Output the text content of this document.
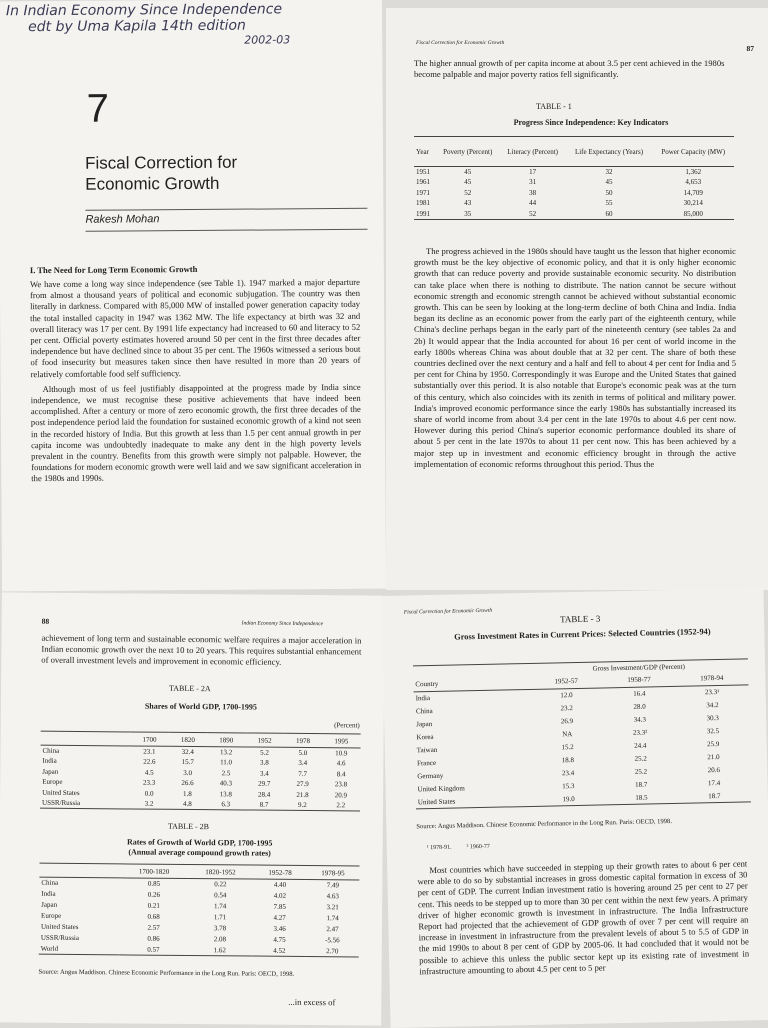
In Indian Economy Since Independence
edt by Uma Kapila 14th edition
2002-03
7
Fiscal Correction for Economic Growth
Rakesh Mohan
I. The Need for Long Term Economic Growth

We have come a long way since independence (see Table 1). 1947 marked a major departure from almost a thousand years of political and economic subjugation. The country was then literally in darkness. Compared with 85,000 MW of installed power generation capacity today the total installed capacity in 1947 was 1362 MW. The life expectancy at birth was 32 and overall literacy was 17 per cent. By 1991 life expectancy had increased to 60 and literacy to 52 per cent. Official poverty estimates hovered around 50 per cent in the first three decades after independence but have declined since to about 35 per cent. The 1960s witnessed a serious bout of food insecurity but measures taken since then have resulted in more than 20 years of relatively comfortable food self sufficiency.

Although most of us feel justifiably disappointed at the progress made by India since independence, we must recognise these positive achievements that have indeed been accomplished. After a century or more of zero economic growth, the first three decades of the post independence period laid the foundation for sustained economic growth of a kind not seen in the recorded history of India. But this growth at less than 1.5 per cent annual growth in per capita income was undoubtedly inadequate to make any dent in the high poverty levels prevalent in the country. Benefits from this growth were simply not palpable. However, the foundations for modern economic growth were well laid and we saw significant acceleration in the 1980s and 1990s.

Fiscal Correction for Economic Growth
87
The higher annual growth of per capita income at about 3.5 per cent achieved in the 1980s become palpable and major poverty ratios fell significantly.
TABLE - 1
Progress Since Independence: Key Indicators
Year	Poverty (Percent)	Literacy (Percent)	Life Expectancy (Years)	Power Capacity (MW)
1951	45	17	32	1,362
1961	45	31	45	4,653
1971	52	38	50	14,709
1981	43	44	55	30,214
1991	35	52	60	85,000

The progress achieved in the 1980s should have taught us the lesson that higher economic growth must be the key objective of economic policy, and that it is only higher economic growth that can reduce poverty and provide sustainable economic security. No distribution can take place when there is nothing to distribute. The nation cannot be secure without economic strength and economic strength cannot be achieved without substantial economic growth. This can be seen by looking at the long-term decline of both China and India. India began its decline as an economic power from the early part of the eighteenth century, while China's decline perhaps began in the early part of the nineteenth century (see tables 2a and 2b) It would appear that the India accounted for about 16 per cent of world income in the early 1800s whereas China was about double that at 32 per cent. The share of both these countries declined over the next century and a half and fell to about 4 per cent for India and 5 per cent for China by 1950. Correspondingly it was Europe and the United States that gained substantially over this period. It is also notable that Europe's economic peak was at the turn of this century, which also coincides with its zenith in terms of political and military power. India's improved economic performance since the early 1980s has substantially increased its share of world income from about 3.4 per cent in the late 1970s to about 4.6 per cent now. However during this period China's superior economic performance doubled its share of about 5 per cent in the late 1970s to about 11 per cent now. This has been achieved by a major step up in investment and economic efficiency brought in through the active implementation of economic reforms throughout this period. Thus the

88	Indian Economy Since Independence
achievement of long term and sustainable economic welfare requires a major acceleration in Indian economic growth over the next 10 to 20 years. This requires substantial enhancement of overall investment levels and improvement in economic efficiency.
TABLE - 2A
Shares of World GDP, 1700-1995
(Percent)
	1700	1820	1890	1952	1978	1995
China	23.1	32.4	13.2	5.2	5.0	10.9
India	22.6	15.7	11.0	3.8	3.4	4.6
Japan	4.5	3.0	2.5	3.4	7.7	8.4
Europe	23.3	26.6	40.3	29.7	27.9	23.8
United States	0.0	1.8	13.8	28.4	21.8	20.9
USSR/Russia	3.2	4.8	6.3	8.7	9.2	2.2
TABLE - 2B
Rates of Growth of World GDP, 1700-1995
(Annual average compound growth rates)
	1700-1820	1820-1952	1952-78	1978-95
China	0.85	0.22	4.40	7.49
India	0.26	0.54	4.02	4.63
Japan	0.21	1.74	7.85	3.21
Europe	0.68	1.71	4.27	1.74
United States	2.57	3.78	3.46	2.47
USSR/Russia	0.86	2.08	4.75	-5.56
World	0.57	1.62	4.52	2.70
Source: Angus Maddison. Chinese Economic Performance in the Long Run. Paris: OECD, 1998.
...in excess of
Fiscal Correction for Economic Growth
TABLE - 3
Gross Investment Rates in Current Prices: Selected Countries (1952-94)
	Gross Investment/GDP (Percent)		
Country	1952-57	1958-77	1978-94
India	12.0	16.4	23.3¹
China	23.2	28.0	34.2
Japan	26.9	34.3	30.3
Korea	NA	23.3²	32.5
Taiwan	15.2	24.4	25.9
France	18.8	25.2	21.0
Germany	23.4	25.2	20.6
United Kingdom	15.3	18.7	17.4
United States	19.0	18.5	18.7
Source: Angus Maddison. Chinese Economic Performance in the Long Run. Paris: OECD, 1998.
¹ 1978-91.          ² 1960-77

Most countries which have succeeded in stepping up their growth rates to about 6 per cent were able to do so by substantial increases in gross domestic capital formation in excess of 30 per cent of GDP. The current Indian investment ratio is hovering around 25 per cent to 27 per cent. This needs to be stepped up to more than 30 per cent within the next few years. A primary driver of higher economic growth is investment in infrastructure. The India Infrastructure Report had projected that the achievement of GDP growth of over 7 per cent will require an increase in investment in infrastructure from the prevalent levels of about 5 to 5.5 of GDP in the mid 1990s to about 8 per cent of GDP by 2005-06. It had concluded that it would not be possible to achieve this unless the public sector kept up its existing rate of investment in infrastructure amounting to about 4.5 per cent to 5 per
